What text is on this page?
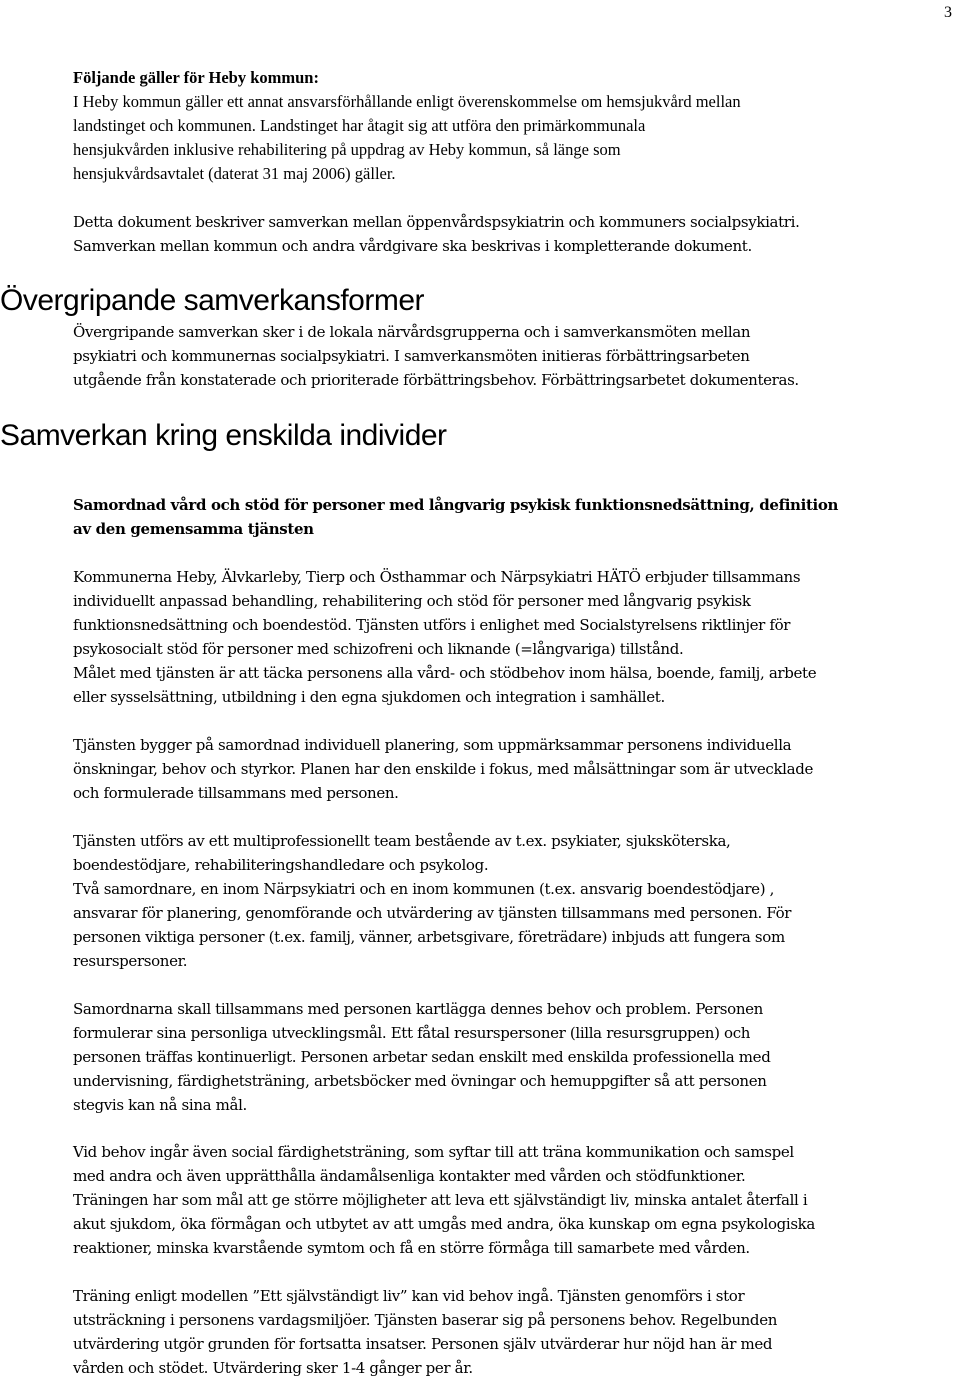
3
Följande gäller för Heby kommun:
I Heby kommun gäller ett annat ansvarsförhållande enligt överenskommelse om hemsjukvård mellan
landstinget och kommunen. Landstinget har åtagit sig att utföra den primärkommunala
hensjukvården inklusive rehabilitering på uppdrag av Heby kommun, så länge som
hensjukvårdsavtalet (daterat 31 maj 2006) gäller.
Detta dokument beskriver samverkan mellan öppenvårdspsykiatrin och kommuners socialpsykiatri.
Samverkan mellan kommun och andra vårdgivare ska beskrivas i kompletterande dokument.
Övergripande samverkansformer
Övergripande samverkan sker i de lokala närvårdsgrupperna och i samverkansmöten mellan
psykiatri och kommunernas socialpsykiatri. I samverkansmöten initieras förbättringsarbeten
utgående från konstaterade och prioriterade förbättringsbehov. Förbättringsarbetet dokumenteras.
Samverkan kring enskilda individer
Samordnad vård och stöd för personer med långvarig psykisk funktionsnedsättning, definition
av den gemensamma tjänsten
Kommunerna Heby, Älvkarleby, Tierp och Östhammar och Närpsykiatri HÄTÖ erbjuder tillsammans
individuellt anpassad behandling, rehabilitering och stöd för personer med långvarig psykisk
funktionsnedsättning och boendestöd. Tjänsten utförs i enlighet med Socialstyrelsens riktlinjer för
psykosocialt stöd för personer med schizofreni och liknande (=långvariga) tillstånd.
Målet med tjänsten är att täcka personens alla vård- och stödbehov inom hälsa, boende, familj, arbete
eller sysselsättning, utbildning i den egna sjukdomen och integration i samhället.
Tjänsten bygger på samordnad individuell planering, som uppmärksammar personens individuella
önskningar, behov och styrkor. Planen har den enskilde i fokus, med målsättningar som är utvecklade
och formulerade tillsammans med personen.
Tjänsten utförs av ett multiprofessionellt team bestående av t.ex. psykiater, sjuksköterska,
boendestödjare, rehabiliteringshandledare och psykolog.
Två samordnare, en inom Närpsykiatri och en inom kommunen (t.ex. ansvarig boendestödjare) ,
ansvarar för planering, genomförande och utvärdering av tjänsten tillsammans med personen. För
personen viktiga personer (t.ex. familj, vänner, arbetsgivare, företrädare) inbjuds att fungera som
resurspersoner.
Samordnarna skall tillsammans med personen kartlägga dennes behov och problem. Personen
formulerar sina personliga utvecklingsmål. Ett fåtal resurspersoner (lilla resursgruppen) och
personen träffas kontinuerligt. Personen arbetar sedan enskilt med enskilda professionella med
undervisning, färdighetsträning, arbetsböcker med övningar och hemuppgifter så att personen
stegvis kan nå sina mål.
Vid behov ingår även social färdighetsträning, som syftar till att träna kommunikation och samspel
med andra och även upprätthålla ändamålsenliga kontakter med vården och stödfunktioner.
Träningen har som mål att ge större möjligheter att leva ett självständigt liv, minska antalet återfall i
akut sjukdom, öka förmågan och utbytet av att umgås med andra, öka kunskap om egna psykologiska
reaktioner, minska kvarstående symtom och få en större förmåga till samarbete med vården.
Träning enligt modellen ”Ett självständigt liv” kan vid behov ingå. Tjänsten genomförs i stor
utsträckning i personens vardagsmiljöer. Tjänsten baserar sig på personens behov. Regelbunden
utvärdering utgör grunden för fortsatta insatser. Personen själv utvärderar hur nöjd han är med
vården och stödet. Utvärdering sker 1-4 gånger per år.
